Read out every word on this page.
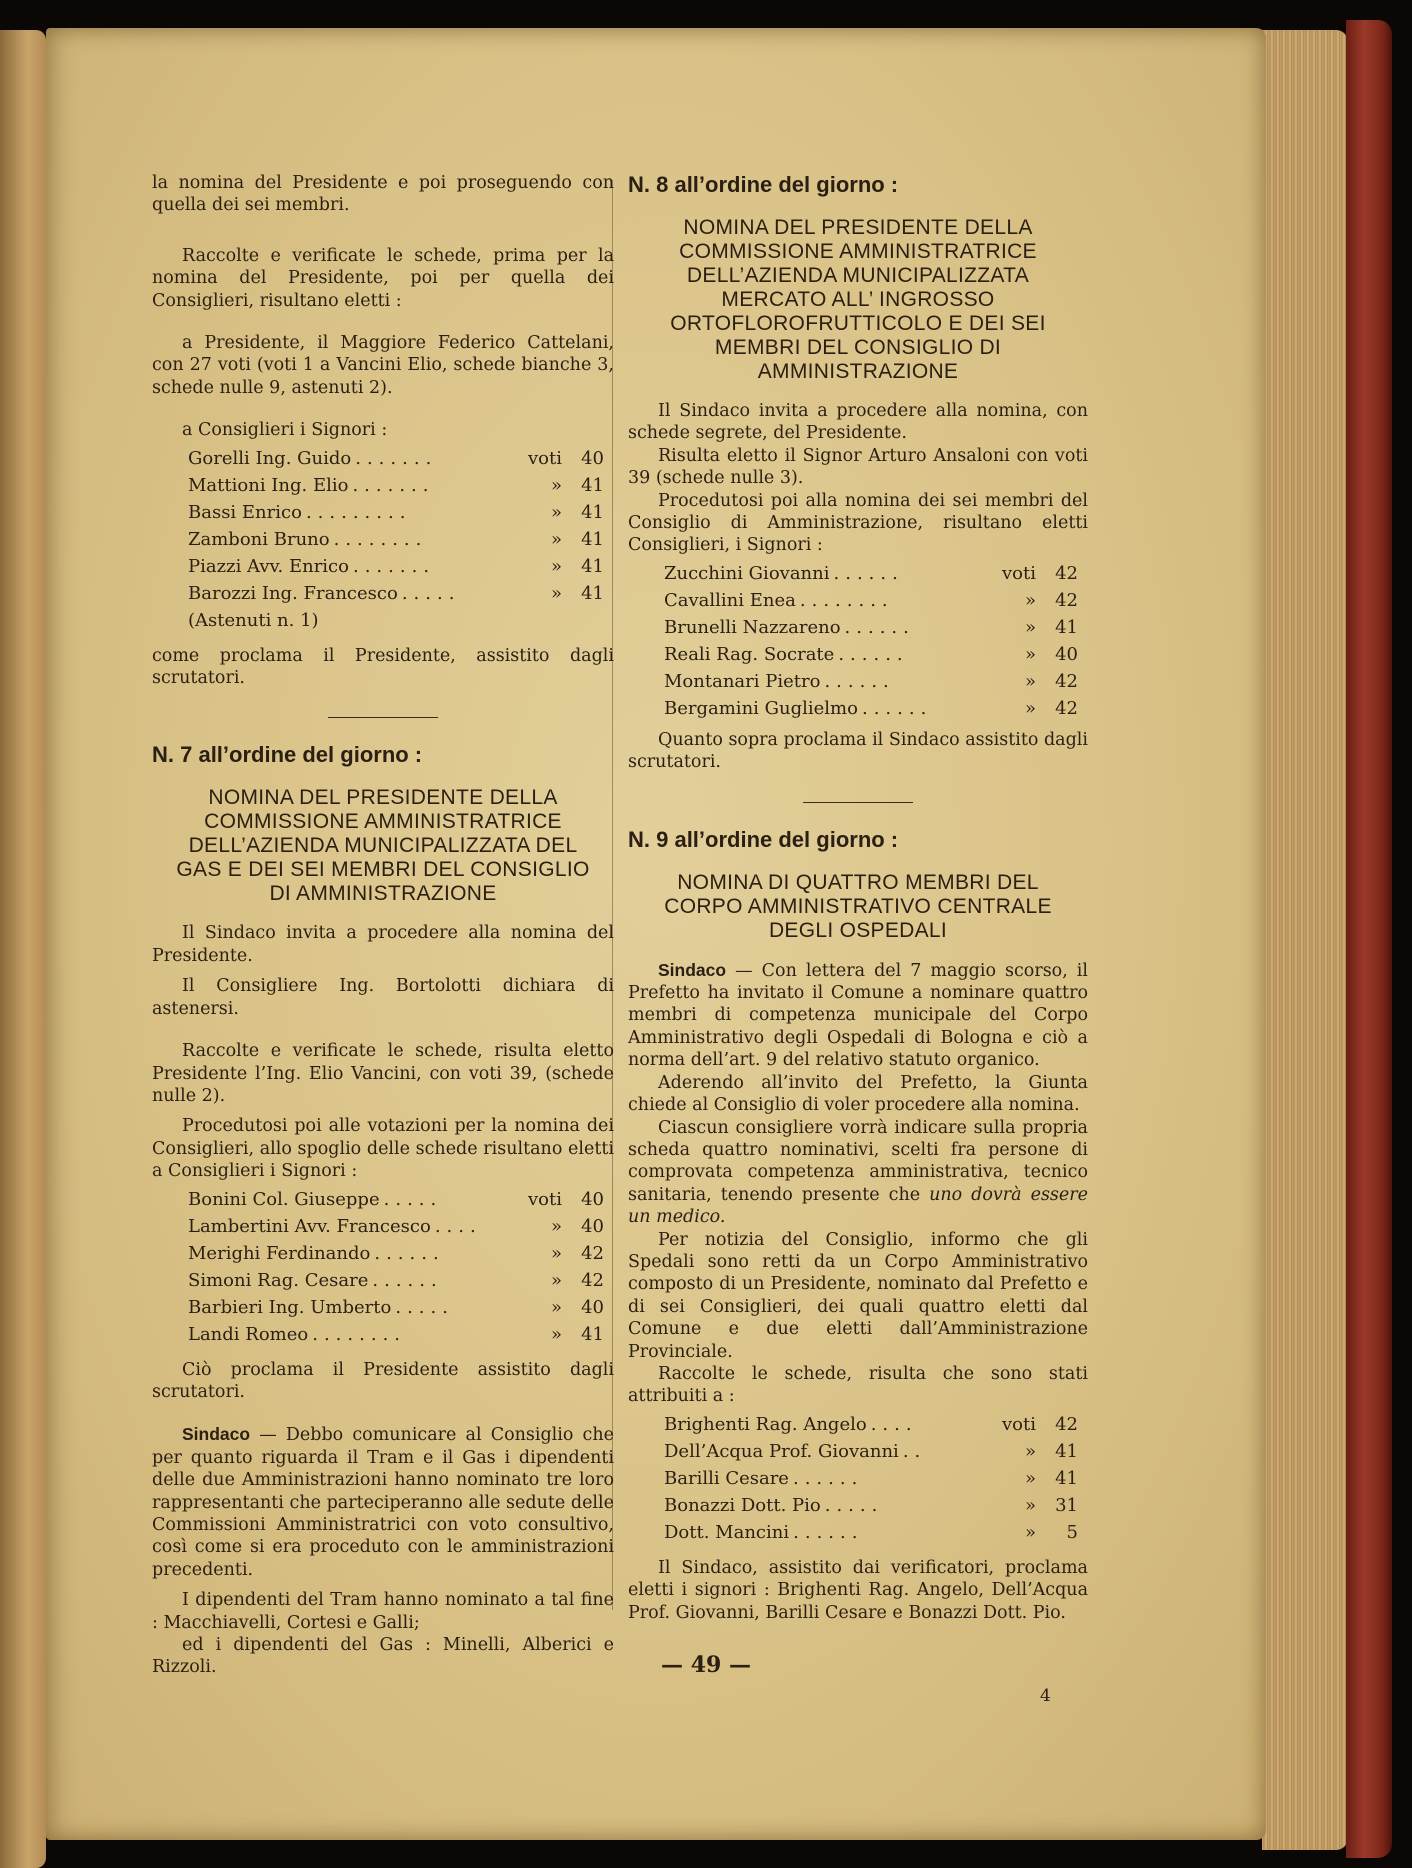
la nomina del Presidente e poi proseguendo con quella dei sei membri.

Raccolte e verificate le schede, prima per la nomina del Presidente, poi per quella dei Consiglieri, risultano eletti :

a Presidente, il Maggiore Federico Cattelani, con 27 voti (voti 1 a Vancini Elio, schede bianche 3, schede nulle 9, astenuti 2).

a Consiglieri i Signori :

Gorelli Ing. Guido .......	voti	40
Mattioni Ing. Elio .......	»	41
Bassi Enrico .........	»	41
Zamboni Bruno ........	»	41
Piazzi Avv. Enrico .......	»	41
Barozzi Ing. Francesco .....	»	41
(Astenuti n. 1)

come proclama il Presidente, assistito dagli scrutatori.

N. 7 all’ordine del giorno :
NOMINA DEL PRESIDENTE DELLA COMMISSIONE AMMINISTRATRICE DELL’AZIENDA MUNICIPALIZZATA DEL GAS E DEI SEI MEMBRI DEL CONSIGLIO DI AMMINISTRAZIONE

Il Sindaco invita a procedere alla nomina del Presidente.

Il Consigliere Ing. Bortolotti dichiara di astenersi.

Raccolte e verificate le schede, risulta eletto Presidente l’Ing. Elio Vancini, con voti 39, (schede nulle 2).

Procedutosi poi alle votazioni per la nomina dei Consiglieri, allo spoglio delle schede risultano eletti a Consiglieri i Signori :

Bonini Col. Giuseppe .....	voti	40
Lambertini Avv. Francesco ....	»	40
Merighi Ferdinando ......	»	42
Simoni Rag. Cesare ......	»	42
Barbieri Ing. Umberto .....	»	40
Landi Romeo ........	»	41

Ciò proclama il Presidente assistito dagli scrutatori.

Sindaco — Debbo comunicare al Consiglio che per quanto riguarda il Tram e il Gas i dipendenti delle due Amministrazioni hanno nominato tre loro rappresentanti che parteciperanno alle sedute delle Commissioni Amministratrici con voto consultivo, così come si era proceduto con le amministrazioni precedenti.

I dipendenti del Tram hanno nominato a tal fine : Macchiavelli, Cortesi e Galli;

ed i dipendenti del Gas : Minelli, Alberici e Rizzoli.

N. 8 all’ordine del giorno :
NOMINA DEL PRESIDENTE DELLA COMMISSIONE AMMINISTRATRICE DELL’AZIENDA MUNICIPALIZZATA MERCATO ALL’ INGROSSO ORTOFLOROFRUTTICOLO E DEI SEI MEMBRI DEL CONSIGLIO DI AMMINISTRAZIONE

Il Sindaco invita a procedere alla nomina, con schede segrete, del Presidente.

Risulta eletto il Signor Arturo Ansaloni con voti 39 (schede nulle 3).

Procedutosi poi alla nomina dei sei membri del Consiglio di Amministrazione, risultano eletti Consiglieri, i Signori :

Zucchini Giovanni ......	voti	42
Cavallini Enea ........	»	42
Brunelli Nazzareno ......	»	41
Reali Rag. Socrate ......	»	40
Montanari Pietro ......	»	42
Bergamini Guglielmo ......	»	42

Quanto sopra proclama il Sindaco assistito dagli scrutatori.

N. 9 all’ordine del giorno :
NOMINA DI QUATTRO MEMBRI DEL CORPO AMMINISTRATIVO CENTRALE DEGLI OSPEDALI

Sindaco — Con lettera del 7 maggio scorso, il Prefetto ha invitato il Comune a nominare quattro membri di competenza municipale del Corpo Amministrativo degli Ospedali di Bologna e ciò a norma dell’art. 9 del relativo statuto organico.

Aderendo all’invito del Prefetto, la Giunta chiede al Consiglio di voler procedere alla nomina.

Ciascun consigliere vorrà indicare sulla propria scheda quattro nominativi, scelti fra persone di comprovata competenza amministrativa, tecnico sanitaria, tenendo presente che uno dovrà essere un medico.

Per notizia del Consiglio, informo che gli Spedali sono retti da un Corpo Amministrativo composto di un Presidente, nominato dal Prefetto e di sei Consiglieri, dei quali quattro eletti dal Comune e due eletti dall’Amministrazione Provinciale.

Raccolte le schede, risulta che sono stati attribuiti a :

Brighenti Rag. Angelo ....	voti	42
Dell’Acqua Prof. Giovanni ..	»	41
Barilli Cesare ......	»	41
Bonazzi Dott. Pio .....	»	31
Dott. Mancini ......	»	5

Il Sindaco, assistito dai verificatori, proclama eletti i signori : Brighenti Rag. Angelo, Dell’Acqua Prof. Giovanni, Barilli Cesare e Bonazzi Dott. Pio.

— 49 —
4
